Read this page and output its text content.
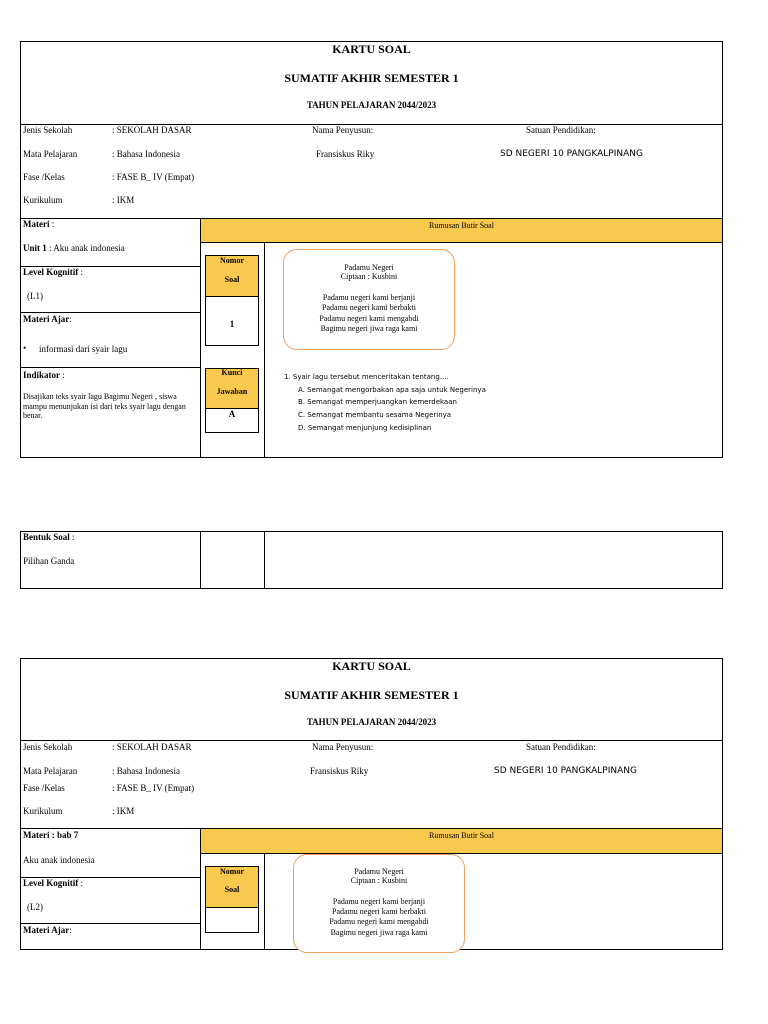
KARTU SOAL
SUMATIF AKHIR SEMESTER 1
TAHUN PELAJARAN 2044/2023
Jenis Sekolah	: SEKOLAH DASAR	Nama Penyusun:	Satuan Pendidikan:
Mata Pelajaran	: Bahasa Indonesia	Fransiskus Riky	SD NEGERI 10 PANGKALPINANG
Fase /Kelas	: FASE B_ IV (Empat)
Kurikulum	: IKM
Rumusan Butir Soal
Materi :
Unit 1 : Aku anak indonesia
Level Kognitif :
(L1)
Materi Ajar:
• informasi dari syair lagu
Indikator :
Disajikan teks syair lagu Bagimu Negeri , siswa mampu menunjukan isi dari teks syair lagu dengan benar.
Nomor
Soal
1
Kunci
Jawaban
A
Padamu Negeri
Ciptaan : Kusbini
Padamu negeri kami berjanji
Padamu negeri kami berbakti
Padamu negeri kami mengabdi
Bagimu negeri jiwa raga kami
1. Syair lagu tersebut menceritakan tentang....
A. Semangat mengorbakan apa saja untuk Negerinya
B. Semangat memperjuangkan kemerdekaan
C. Semangat membantu sesama Negerinya
D. Semangat menjunjung kedisiplinan
Bentuk Soal :
Pilihan Ganda
KARTU SOAL
SUMATIF AKHIR SEMESTER 1
TAHUN PELAJARAN 2044/2023
Jenis Sekolah	: SEKOLAH DASAR	Nama Penyusun:	Satuan Pendidikan:
Mata Pelajaran	: Bahasa Indonesia	Fransiskus Riky	SD NEGERI 10 PANGKALPINANG
Fase /Kelas	: FASE B_ IV (Empat)
Kurikulum	: IKM
Rumusan Butir Soal
Materi : bab 7
Aku anak indonesia
Level Kognitif :
(L2)
Materi Ajar:
Nomor
Soal
Padamu Negeri
Ciptaan : Kusbini
Padamu negeri kami berjanji
Padamu negeri kami berbakti
Padamu negeri kami mengabdi
Bagimu negeri jiwa raga kami
